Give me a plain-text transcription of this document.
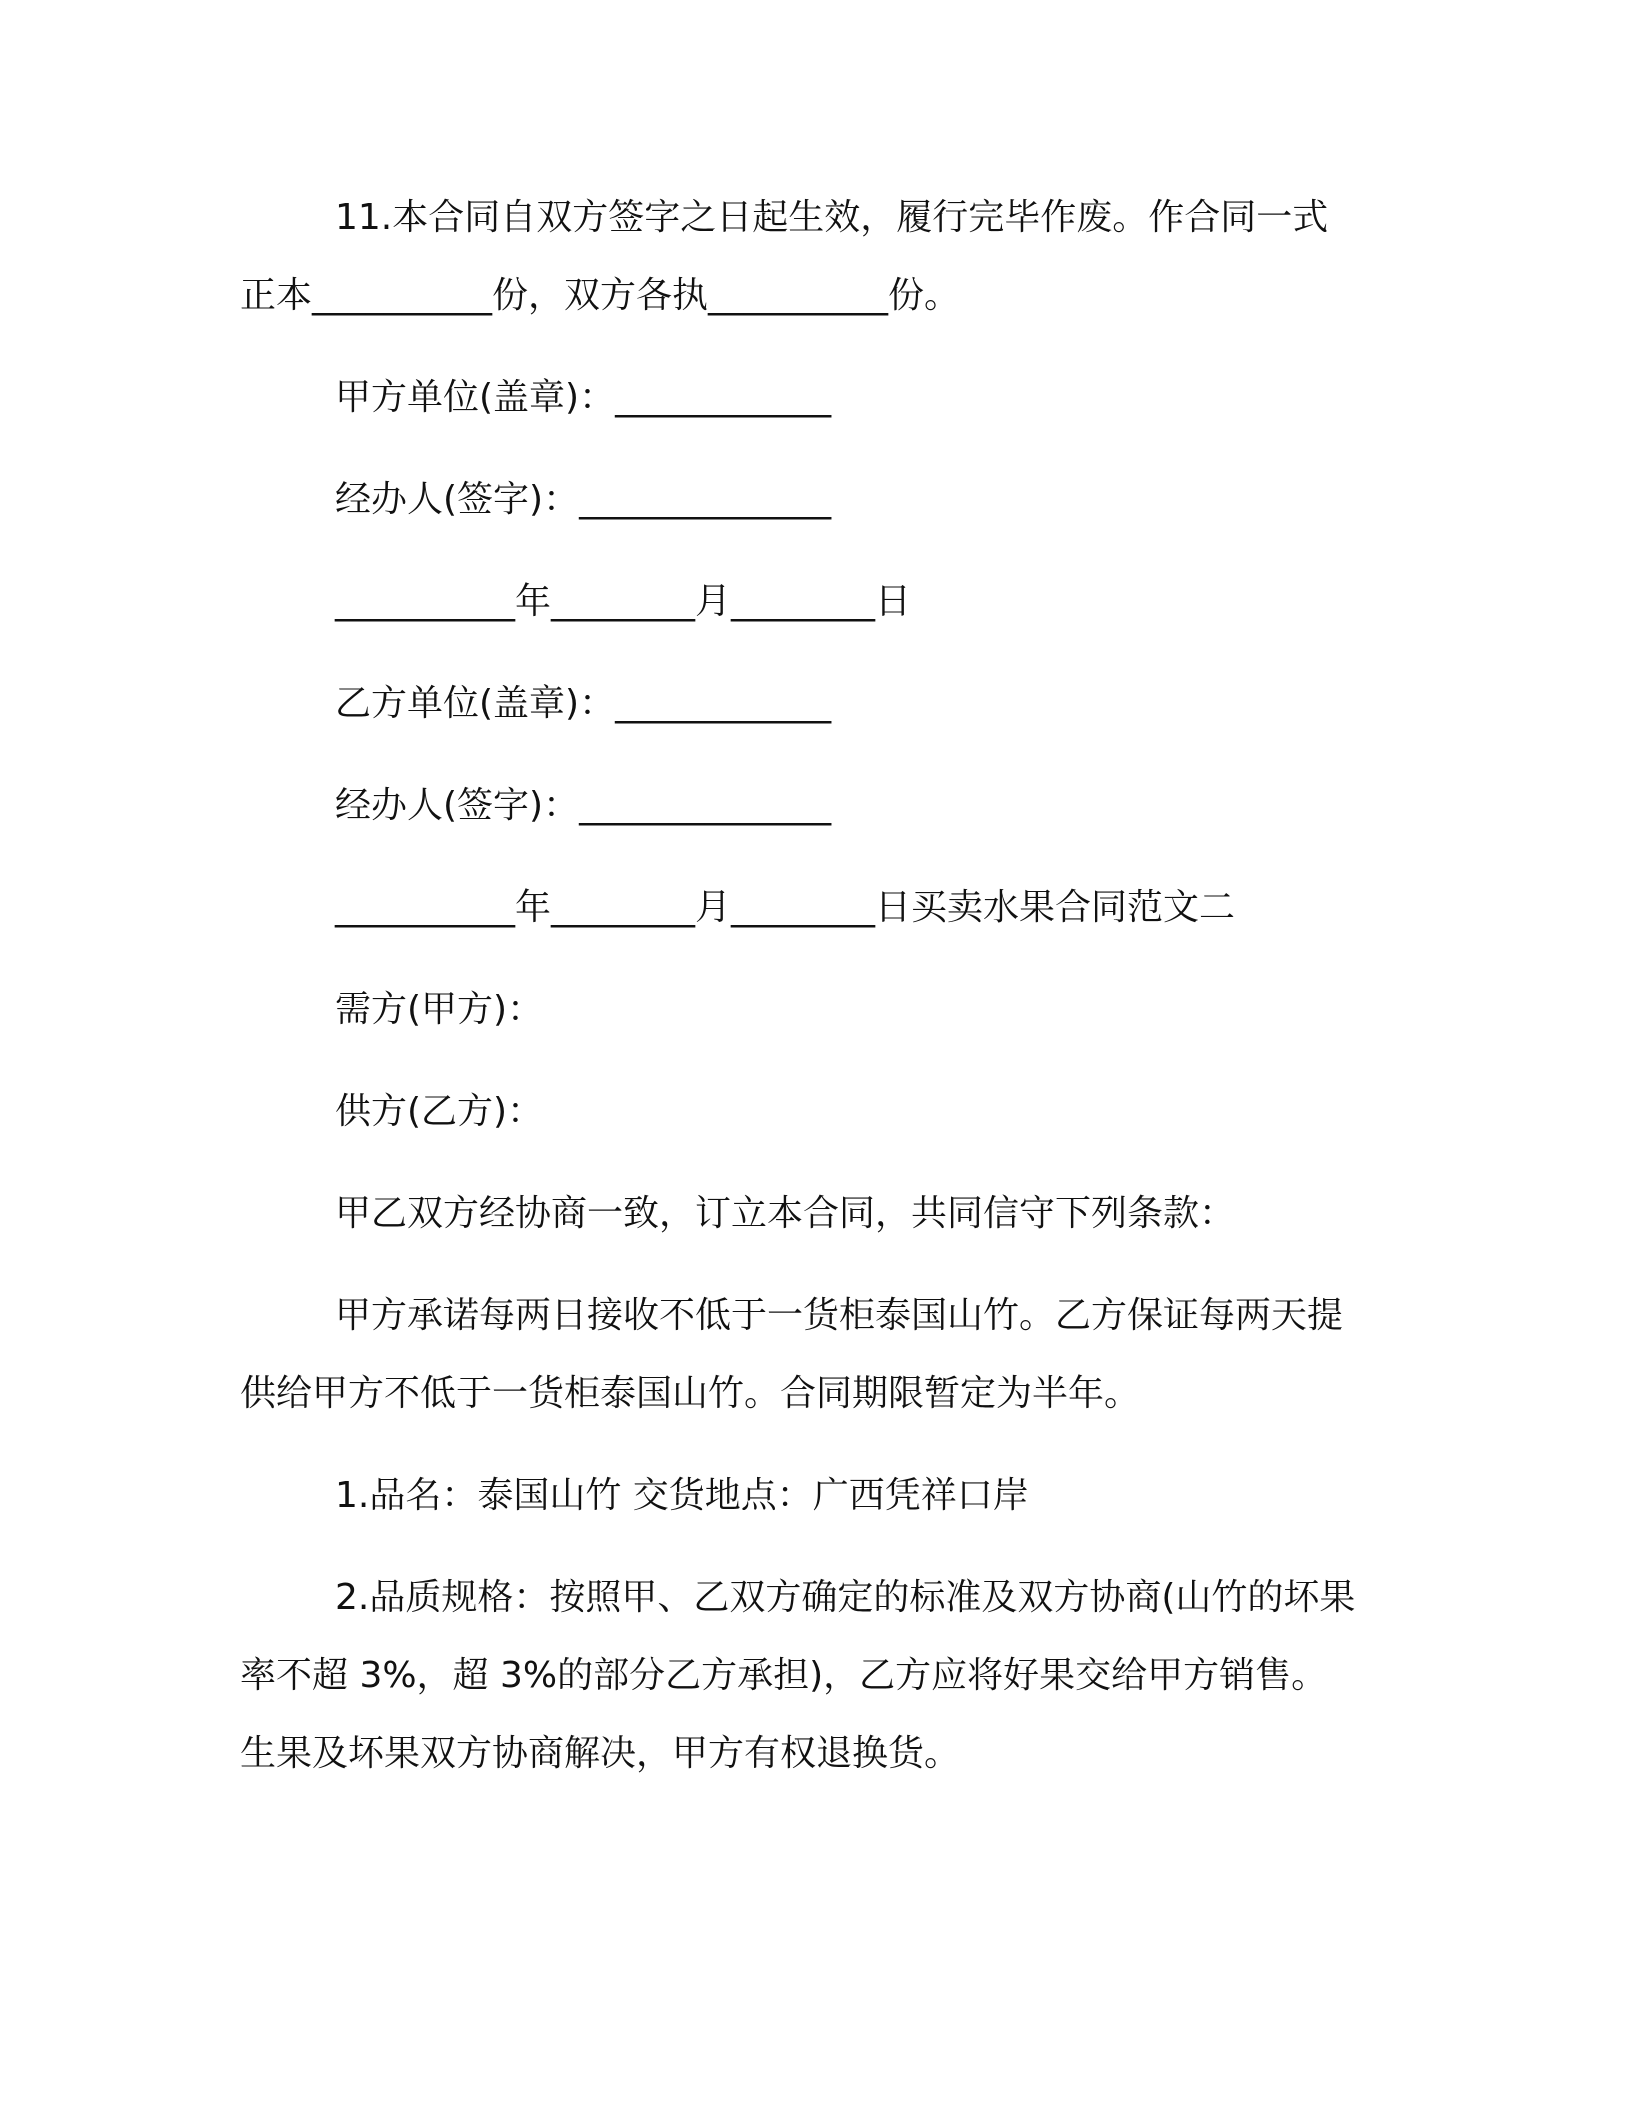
11.本合同自双方签字之日起生效，履行完毕作废。作合同一式
正本__________份，双方各执__________份。
甲方单位(盖章)：____________
经办人(签字)：______________
__________年________月________日
乙方单位(盖章)：____________
经办人(签字)：______________
__________年________月________日买卖水果合同范文二
需方(甲方)：
供方(乙方)：
甲乙双方经协商一致，订立本合同，共同信守下列条款：
甲方承诺每两日接收不低于一货柜泰国山竹。乙方保证每两天提
供给甲方不低于一货柜泰国山竹。合同期限暂定为半年。
1.品名：泰国山竹 交货地点：广西凭祥口岸
2.品质规格：按照甲、乙双方确定的标准及双方协商(山竹的坏果
率不超 3%，超 3%的部分乙方承担)，乙方应将好果交给甲方销售。
生果及坏果双方协商解决，甲方有权退换货。
